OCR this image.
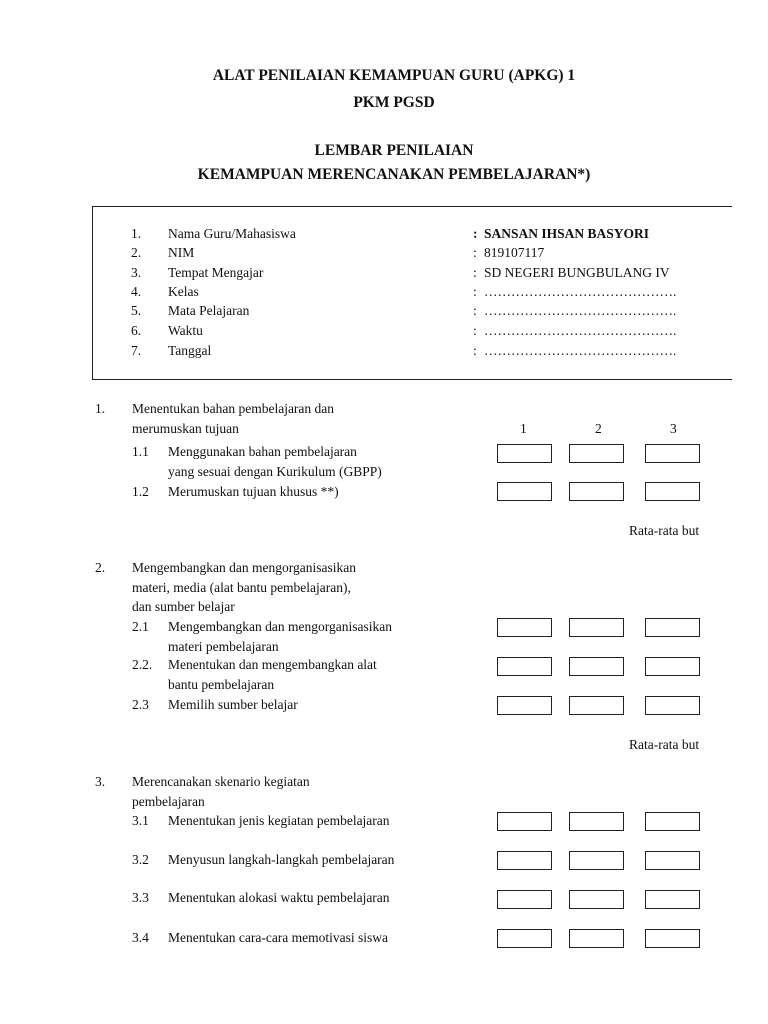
ALAT PENILAIAN KEMAMPUAN GURU (APKG) 1
PKM PGSD
LEMBAR PENILAIAN
KEMAMPUAN MERENCANAKAN PEMBELAJARAN*)
1. Nama Guru/Mahasiswa	: SANSAN IHSAN BASYORI
2. NIM	: 819107117
3. Tempat Mengajar	: SD NEGERI BUNGBULANG IV
4. Kelas	: …………………………………….
5. Mata Pelajaran	: …………………………………….
6. Waktu	: …………………………………….
7. Tanggal	: …………………………………….
1	2	3
1. Menentukan bahan pembelajaran dan
merumuskan tujuan
1.1 Menggunakan bahan pembelajaran
yang sesuai dengan Kurikulum (GBPP)
1.2 Merumuskan tujuan khusus **)
Rata-rata but
2. Mengembangkan dan mengorganisasikan
materi, media (alat bantu pembelajaran),
dan sumber belajar
2.1 Mengembangkan dan mengorganisasikan
materi pembelajaran
2.2. Menentukan dan mengembangkan alat
bantu pembelajaran
2.3 Memilih sumber belajar
Rata-rata but
3. Merencanakan skenario kegiatan
pembelajaran
3.1 Menentukan jenis kegiatan pembelajaran
3.2 Menyusun langkah-langkah pembelajaran
3.3 Menentukan alokasi waktu pembelajaran
3.4 Menentukan cara-cara memotivasi siswa
